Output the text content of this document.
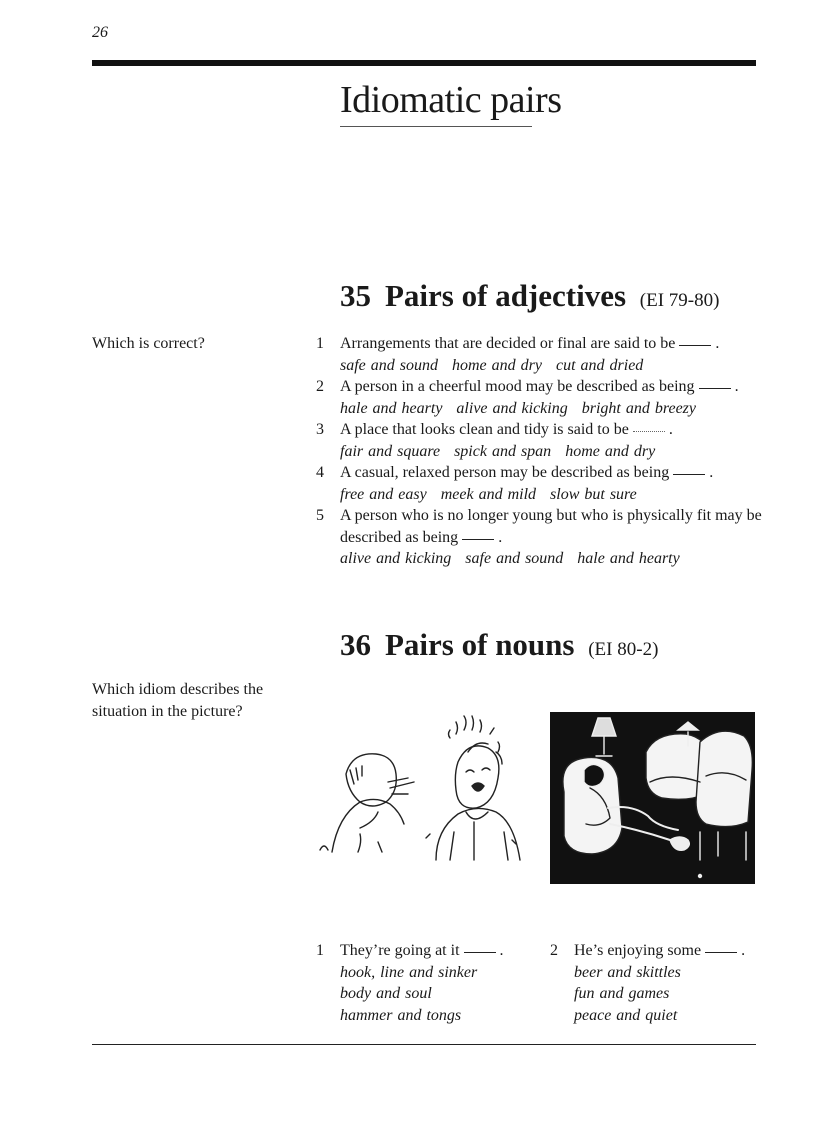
26
Idiomatic pairs
35 Pairs of adjectives (EI 79-80)
Which is correct?	1	Arrangements that are decided or final are said to be	.
safe and sound home and dry cut and dried
2	A person in a cheerful mood may be described as being	.
hale and hearty alive and kicking bright and breezy
3	A place that looks clean and tidy is said to be	.
fair and square spick and span home and dry
4	A casual, relaxed person may be described as being	.
free and easy meek and mild slow but sure
5	A person who is no longer young but who is physically fit may be described as being	.
alive and kicking safe and sound hale and hearty
36 Pairs of nouns (EI 80-2)
Which idiom describes the situation in the picture?
1	They’re going at it	.
hook, line and sinker
body and soul
hammer and tongs
2	He’s enjoying some	.
beer and skittles
fun and games
peace and quiet
